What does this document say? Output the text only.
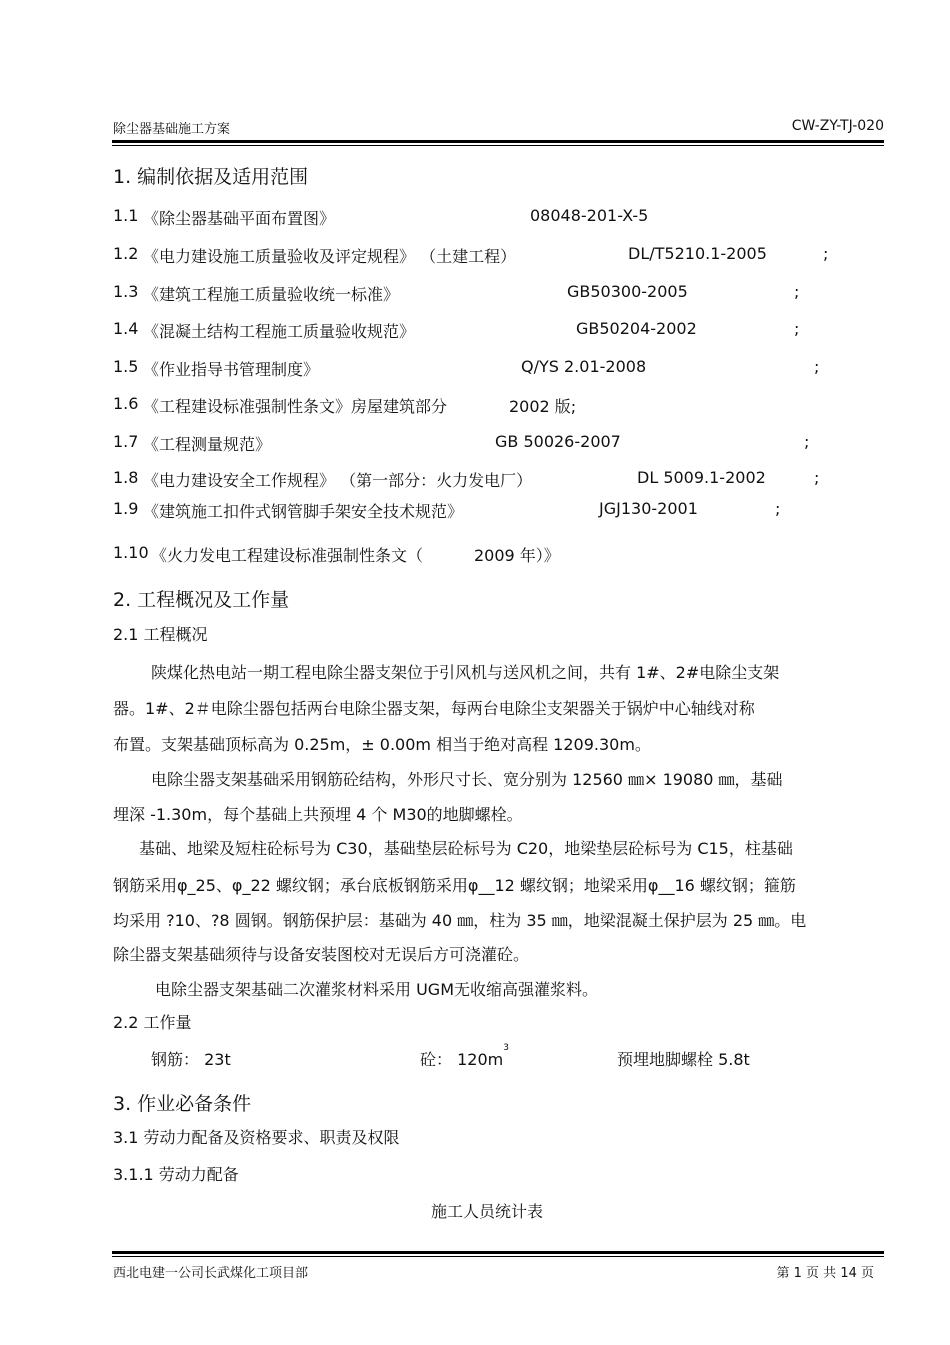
除尘器基础施工方案	CW-ZY-TJ-020
1. 编制依据及适用范围
1.1 《除尘器基础平面布置图》	08048-201-X-5
1.2 《电力建设施工质量验收及评定规程》 （土建工程）	DL/T5210.1-2005	;
1.3 《建筑工程施工质量验收统一标准》	GB50300-2005	;
1.4 《混凝土结构工程施工质量验收规范》	GB50204-2002	;
1.5 《作业指导书管理制度》	Q/YS 2.01-2008	;
1.6 《工程建设标准强制性条文》房屋建筑部分	2002 版;
1.7 《工程测量规范》	GB 50026-2007	;
1.8 《电力建设安全工作规程》 （第一部分：火力发电厂）	DL 5009.1-2002	;
1.9 《建筑施工扣件式钢管脚手架安全技术规范》	JGJ130-2001	;
1.10 《火力发电工程建设标准强制性条文（	2009 年）》
2. 工程概况及工作量
2.1 工程概况
陕煤化热电站一期工程电除尘器支架位于引风机与送风机之间，共有 1#、2#电除尘支架
器。1#、2＃电除尘器包括两台电除尘器支架，每两台电除尘支架器关于锅炉中心轴线对称
布置。支架基础顶标高为 0.25m，± 0.00m 相当于绝对高程 1209.30m。
电除尘器支架基础采用钢筋砼结构，外形尺寸长、宽分别为 12560 ㎜× 19080 ㎜，基础
埋深 -1.30m，每个基础上共预埋 4 个 M30的地脚螺栓。
基础、地梁及短柱砼标号为 C30，基础垫层砼标号为 C20，地梁垫层砼标号为 C15，柱基础
钢筋采用φ_25、φ_22 螺纹钢；承台底板钢筋采用φ__12 螺纹钢；地梁采用φ__16 螺纹钢；箍筋
均采用 ?10、?8 圆钢。钢筋保护层：基础为 40 ㎜，柱为 35 ㎜，地梁混凝土保护层为 25 ㎜。电
除尘器支架基础须待与设备安装图校对无误后方可浇灌砼。
电除尘器支架基础二次灌浆材料采用 UGM无收缩高强灌浆料。
2.2 工作量
钢筋： 23t	砼： $120m^3$
预埋地脚螺栓 5.8t
3. 作业必备条件
3.1 劳动力配备及资格要求、职责及权限
3.1.1 劳动力配备
施工人员统计表
西北电建一公司长武煤化工项目部	第 1 页 共 14 页
